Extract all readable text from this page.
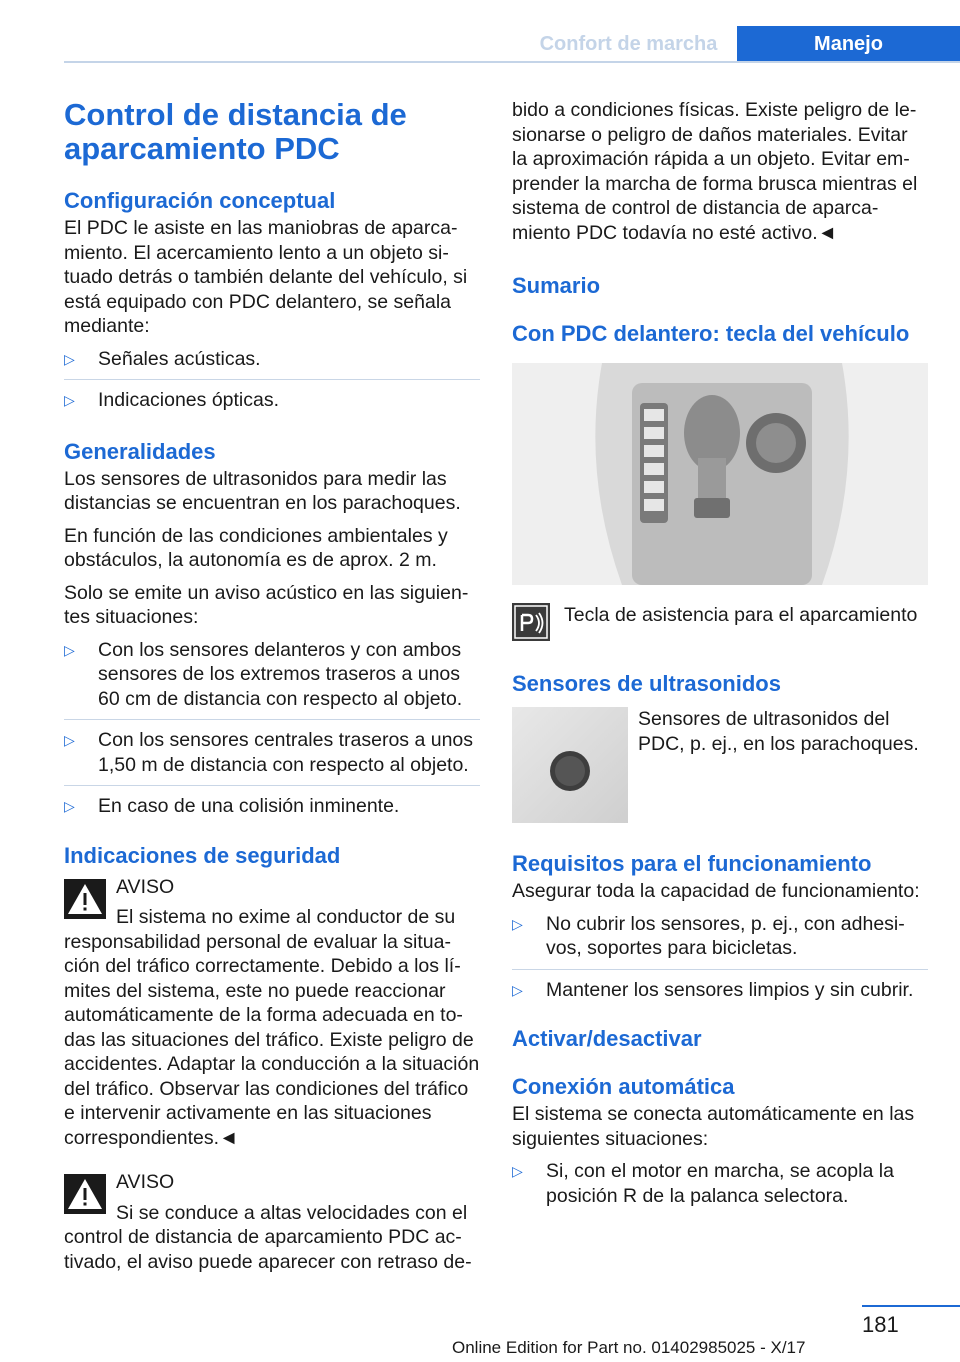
Confort de marcha	Manejo
Control de distancia de aparcamiento PDC
Configuración conceptual

El PDC le asiste en las maniobras de aparcamiento. El acercamiento lento a un objeto situado detrás o también delante del vehículo, si está equipado con PDC delantero, se señala mediante:

▷ Señales acústicas.
▷ Indicaciones ópticas.
Generalidades

Los sensores de ultrasonidos para medir las distancias se encuentran en los parachoques.

En función de las condiciones ambientales y obstáculos, la autonomía es de aprox. 2 m.

Solo se emite un aviso acústico en las siguientes situaciones:

▷ Con los sensores delanteros y con ambos sensores de los extremos traseros a unos 60 cm de distancia con respecto al objeto.
▷ Con los sensores centrales traseros a unos 1,50 m de distancia con respecto al objeto.
▷ En caso de una colisión inminente.
Indicaciones de seguridad

AVISO

El sistema no exime al conductor de su responsabilidad personal de evaluar la situación del tráfico correctamente. Debido a los límites del sistema, este no puede reaccionar automáticamente de la forma adecuada en todas las situaciones del tráfico. Existe peligro de accidentes. Adaptar la conducción a la situación del tráfico. Observar las condiciones del tráfico e intervenir activamente en las situaciones correspondientes.◄

AVISO

Si se conduce a altas velocidades con el control de distancia de aparcamiento PDC activado, el aviso puede aparecer con retraso de-

bido a condiciones físicas. Existe peligro de lesionarse o peligro de daños materiales. Evitar la aproximación rápida a un objeto. Evitar emprender la marcha de forma brusca mientras el sistema de control de distancia de aparcamiento PDC todavía no esté activo.◄

Sumario
Con PDC delantero: tecla del vehículo

Tecla de asistencia para el aparcamiento

Sensores de ultrasonidos

Sensores de ultrasonidos del PDC, p. ej., en los parachoques.

Requisitos para el funcionamiento

Asegurar toda la capacidad de funcionamiento:

▷ No cubrir los sensores, p. ej., con adhesivos, soportes para bicicletas.
▷ Mantener los sensores limpios y sin cubrir.
Activar/desactivar
Conexión automática

El sistema se conecta automáticamente en las siguientes situaciones:

▷ Si, con el motor en marcha, se acopla la posición R de la palanca selectora.
181
Online Edition for Part no. 01402985025 - X/17
